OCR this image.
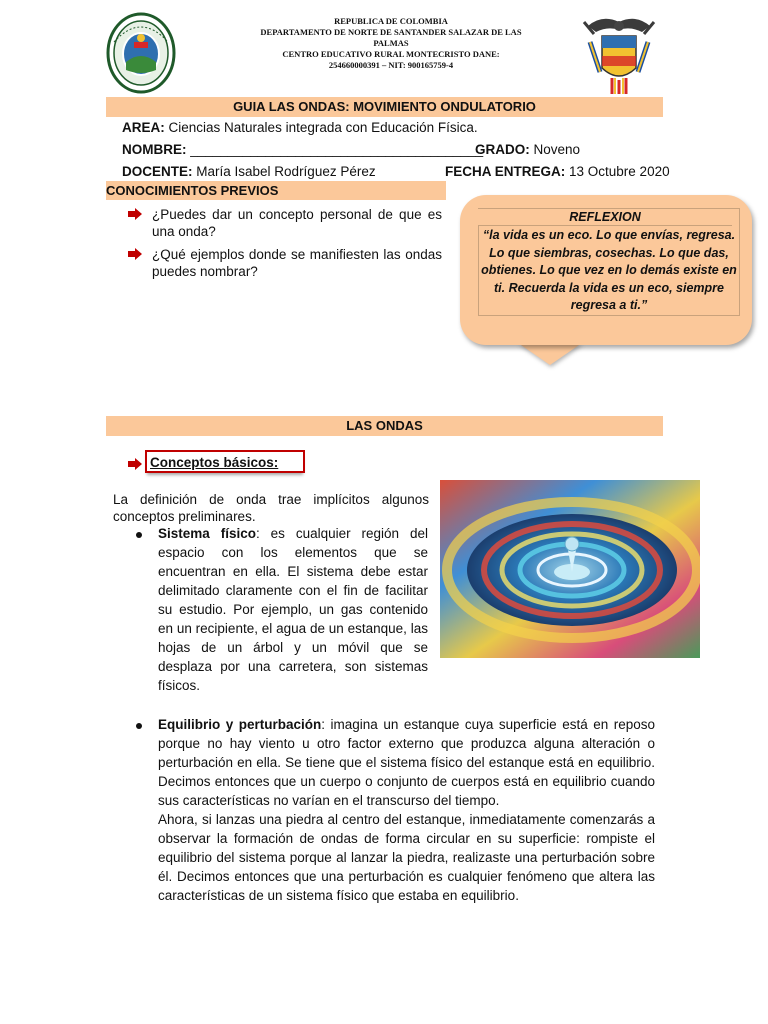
REPUBLICA DE COLOMBIA
DEPARTAMENTO DE NORTE DE SANTANDER SALAZAR DE LAS PALMAS
CENTRO EDUCATIVO RURAL MONTECRISTO DANE:
254660000391 – NIT: 900165759-4
GUIA LAS ONDAS: MOVIMIENTO ONDULATORIO
AREA: Ciencias Naturales integrada con Educación Física.
NOMBRE: _______________________________________
GRADO: Noveno
DOCENTE: María Isabel Rodríguez Pérez	FECHA ENTREGA: 13 Octubre 2020
CONOCIMIENTOS PREVIOS
¿Puedes dar un concepto personal de que es una onda?
¿Qué ejemplos donde se manifiesten las ondas puedes nombrar?
REFLEXION
“la vida es un eco. Lo que envías, regresa. Lo que siembras, cosechas. Lo que das, obtienes. Lo que vez en lo demás existe en ti. Recuerda la vida es un eco, siempre regresa a ti.”
LAS ONDAS
Conceptos básicos:
La definición de onda trae implícitos algunos conceptos preliminares.
Sistema físico: es cualquier región del espacio con los elementos que se encuentran en ella. El sistema debe estar delimitado claramente con el fin de facilitar su estudio. Por ejemplo, un gas contenido en un recipiente, el agua de un estanque, las hojas de un árbol y un móvil que se desplaza por una carretera, son sistemas físicos.
Equilibrio y perturbación: imagina un estanque cuya superficie está en reposo porque no hay viento u otro factor externo que produzca alguna alteración o perturbación en ella. Se tiene que el sistema físico del estanque está en equilibrio. Decimos entonces que un cuerpo o conjunto de cuerpos está en equilibrio cuando sus características no varían en el transcurso del tiempo.
Ahora, si lanzas una piedra al centro del estanque, inmediatamente comenzarás a observar la formación de ondas de forma circular en su superficie: rompiste el equilibrio del sistema porque al lanzar la piedra, realizaste una perturbación sobre él. Decimos entonces que una perturbación es cualquier fenómeno que altera las características de un sistema físico que estaba en equilibrio.
